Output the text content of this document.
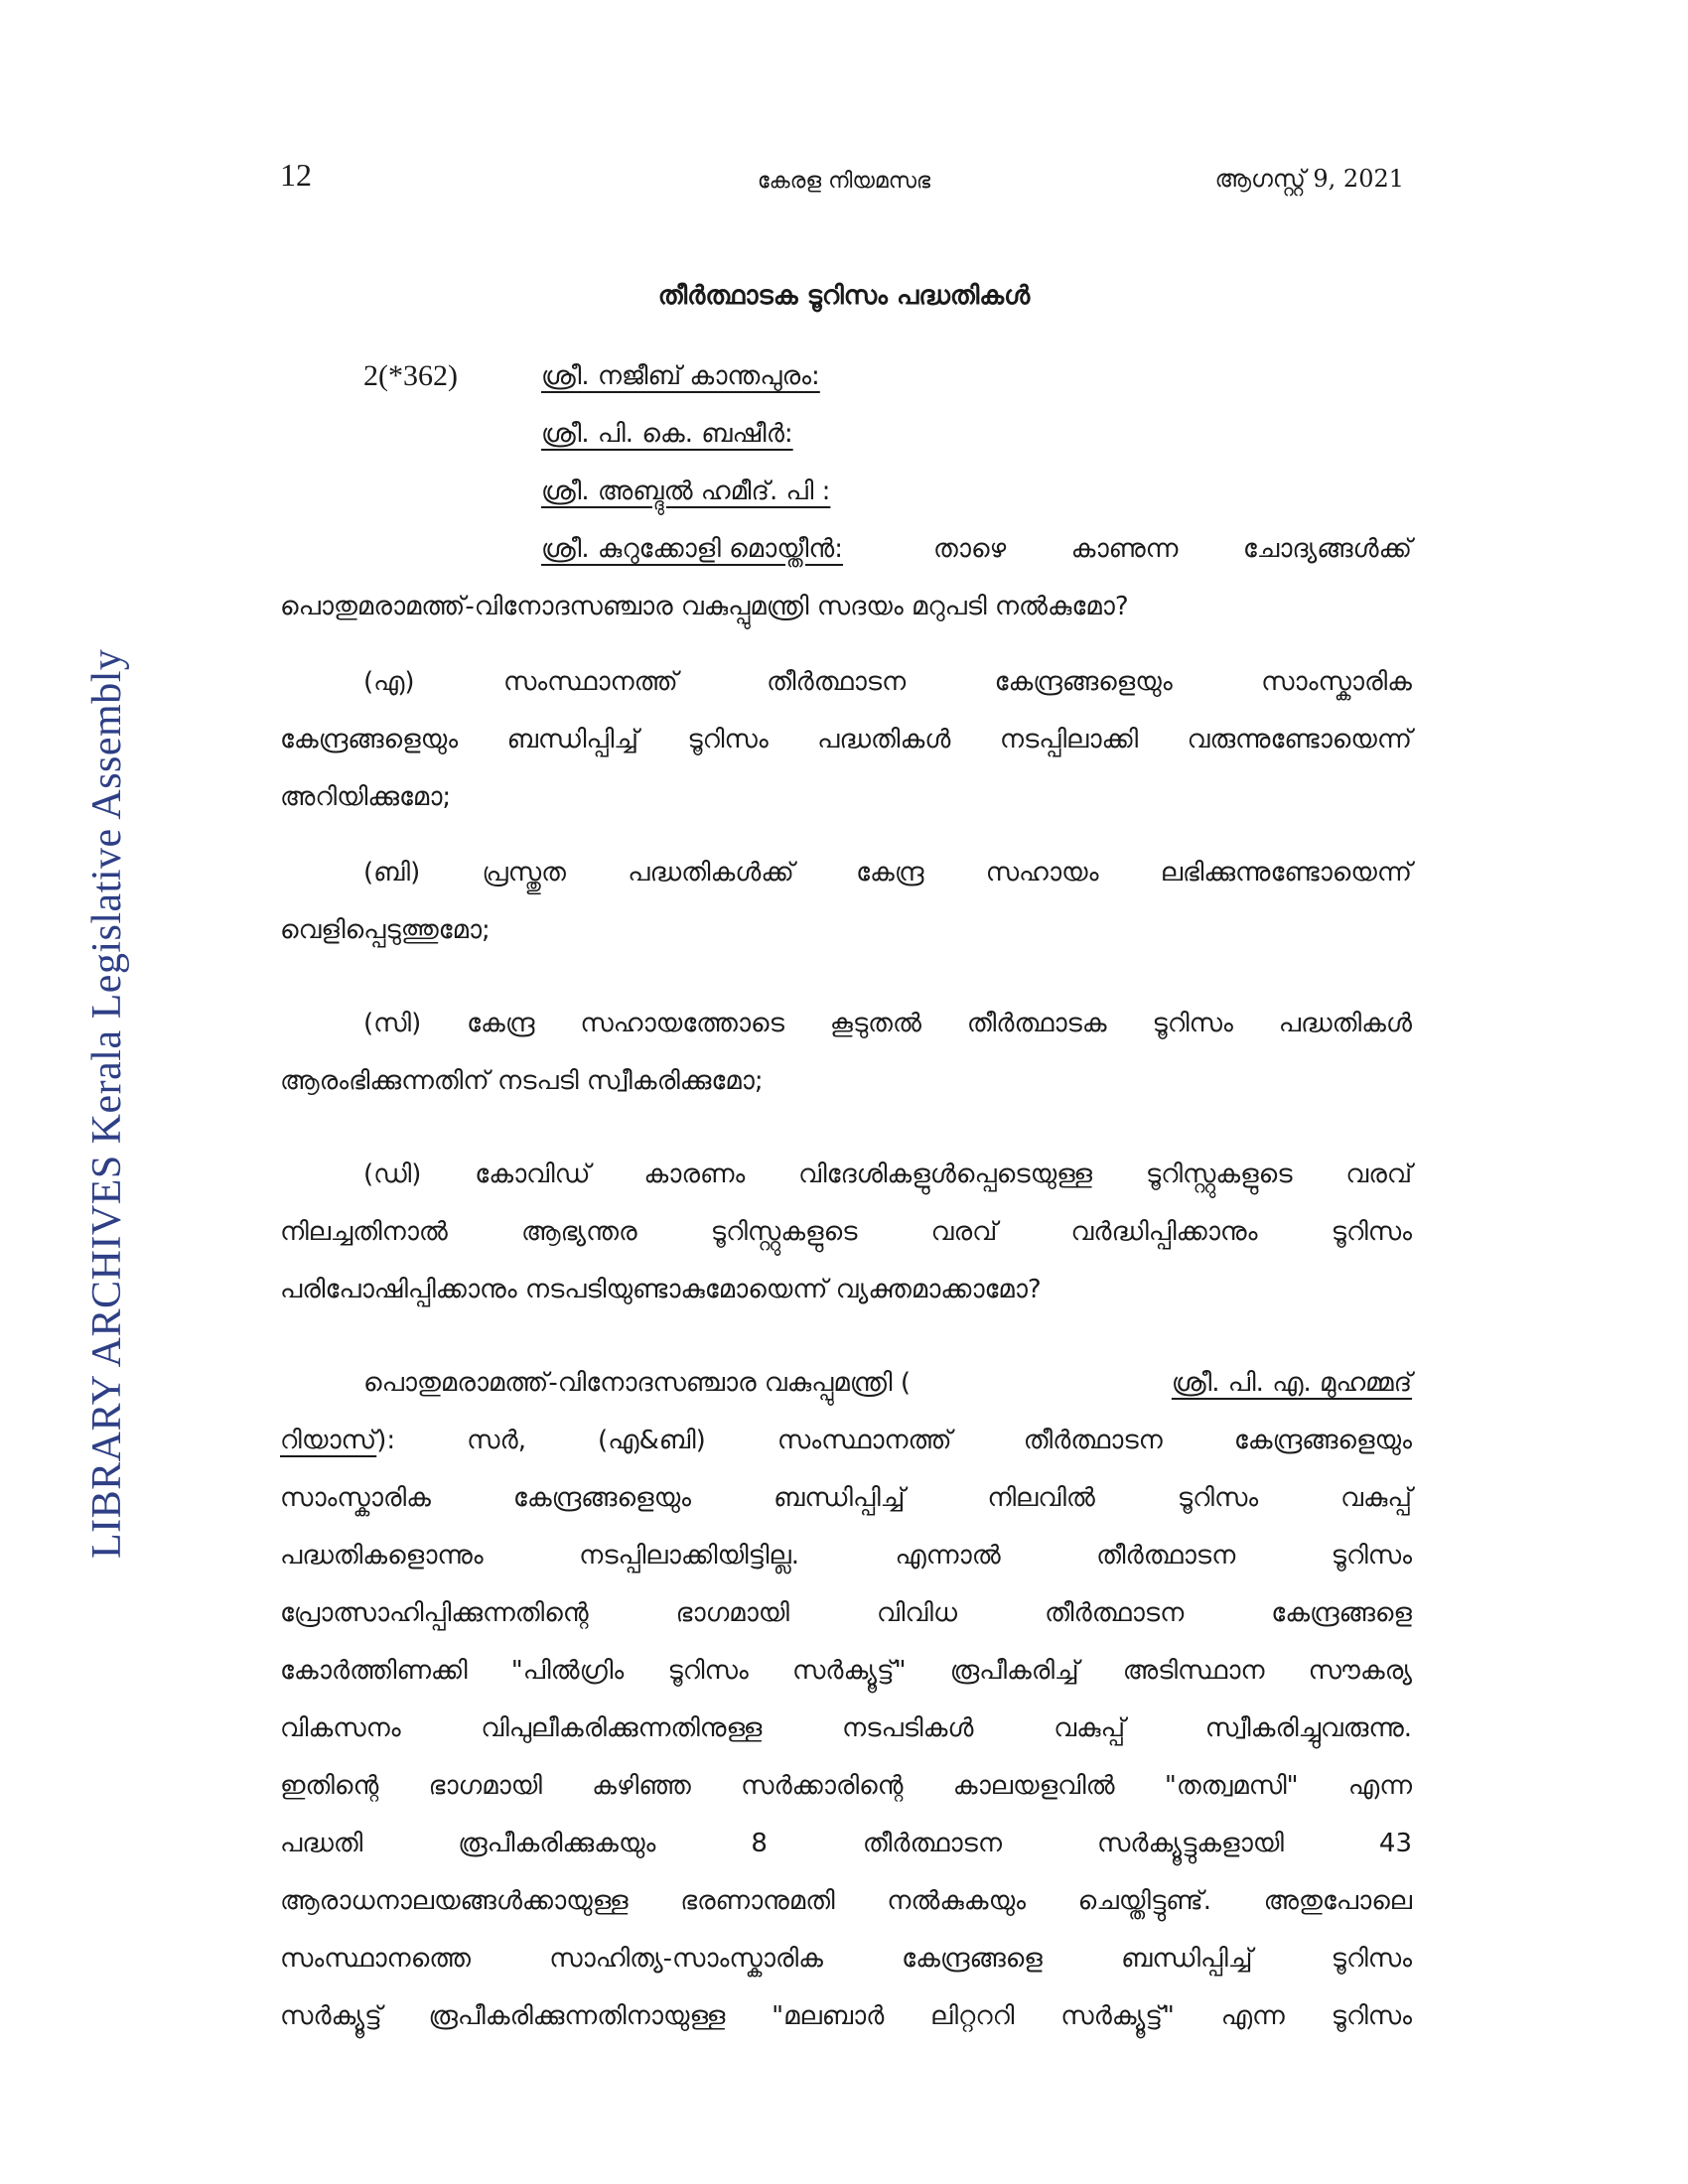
LIBRARY ARCHIVES Kerala Legislative Assembly
12	കേരള നിയമസഭ	ആഗസ്റ്റ് 9, 2021
തീർത്ഥാടക ടൂറിസം പദ്ധതികൾ
2(*362)	ശ്രീ. നജീബ് കാന്തപുരം:
ശ്രീ. പി. കെ. ബഷീർ:
ശ്രീ. അബ്ദുൽ ഹമീദ്. പി :
ശ്രീ. കുറുക്കോളി മൊയ്തീൻ:	താഴെ കാണുന്ന ചോദ്യങ്ങൾക്ക്
പൊതുമരാമത്ത്-വിനോദസഞ്ചാര വകുപ്പുമന്ത്രി സദയം മറുപടി നൽകുമോ?
(എ) സംസ്ഥാനത്ത് തീർത്ഥാടന കേന്ദ്രങ്ങളെയും സാംസ്കാരിക
കേന്ദ്രങ്ങളെയും ബന്ധിപ്പിച്ച് ടൂറിസം പദ്ധതികൾ നടപ്പിലാക്കി വരുന്നുണ്ടോയെന്ന്
അറിയിക്കുമോ;
(ബി) പ്രസ്തുത പദ്ധതികൾക്ക് കേന്ദ്ര സഹായം ലഭിക്കുന്നുണ്ടോയെന്ന്
വെളിപ്പെടുത്തുമോ;
(സി) കേന്ദ്ര സഹായത്തോടെ കൂടുതൽ തീർത്ഥാടക ടൂറിസം പദ്ധതികൾ
ആരംഭിക്കുന്നതിന് നടപടി സ്വീകരിക്കുമോ;
(ഡി) കോവിഡ് കാരണം വിദേശികളുൾപ്പെടെയുള്ള ടൂറിസ്റ്റുകളുടെ വരവ്
നിലച്ചതിനാൽ ആഭ്യന്തര ടൂറിസ്റ്റുകളുടെ വരവ് വർദ്ധിപ്പിക്കാനും ടൂറിസം
പരിപോഷിപ്പിക്കാനും നടപടിയുണ്ടാകുമോയെന്ന് വ്യക്തമാക്കാമോ?
പൊതുമരാമത്ത്-വിനോദസഞ്ചാര വകുപ്പുമന്ത്രി (	ശ്രീ. പി. എ. മുഹമ്മദ്
റിയാസ് ): സർ, (എ&ബി) സംസ്ഥാനത്ത് തീർത്ഥാടന കേന്ദ്രങ്ങളെയും
സാംസ്കാരിക കേന്ദ്രങ്ങളെയും ബന്ധിപ്പിച്ച് നിലവിൽ ടൂറിസം വകുപ്പ്
പദ്ധതികളൊന്നും നടപ്പിലാക്കിയിട്ടില്ല. എന്നാൽ തീർത്ഥാടന ടൂറിസം
പ്രോത്സാഹിപ്പിക്കുന്നതിന്റെ ഭാഗമായി വിവിധ തീർത്ഥാടന കേന്ദ്രങ്ങളെ
കോർത്തിണക്കി "പിൽഗ്രിം ടൂറിസം സർക്യൂട്ട്" രൂപീകരിച്ച് അടിസ്ഥാന സൗകര്യ
വികസനം വിപുലീകരിക്കുന്നതിനുള്ള നടപടികൾ വകുപ്പ് സ്വീകരിച്ചുവരുന്നു.
ഇതിന്റെ ഭാഗമായി കഴിഞ്ഞ സർക്കാരിന്റെ കാലയളവിൽ "തത്വമസി" എന്ന
പദ്ധതി രൂപീകരിക്കുകയും 8 തീർത്ഥാടന സർക്യൂട്ടുകളായി 43
ആരാധനാലയങ്ങൾക്കായുള്ള ഭരണാനുമതി നൽകുകയും ചെയ്തിട്ടുണ്ട്. അതുപോലെ
സംസ്ഥാനത്തെ സാഹിത്യ-സാംസ്കാരിക കേന്ദ്രങ്ങളെ ബന്ധിപ്പിച്ച് ടൂറിസം
സർക്യൂട്ട് രൂപീകരിക്കുന്നതിനായുള്ള "മലബാർ ലിറ്റററി സർക്യൂട്ട്" എന്ന ടൂറിസം
